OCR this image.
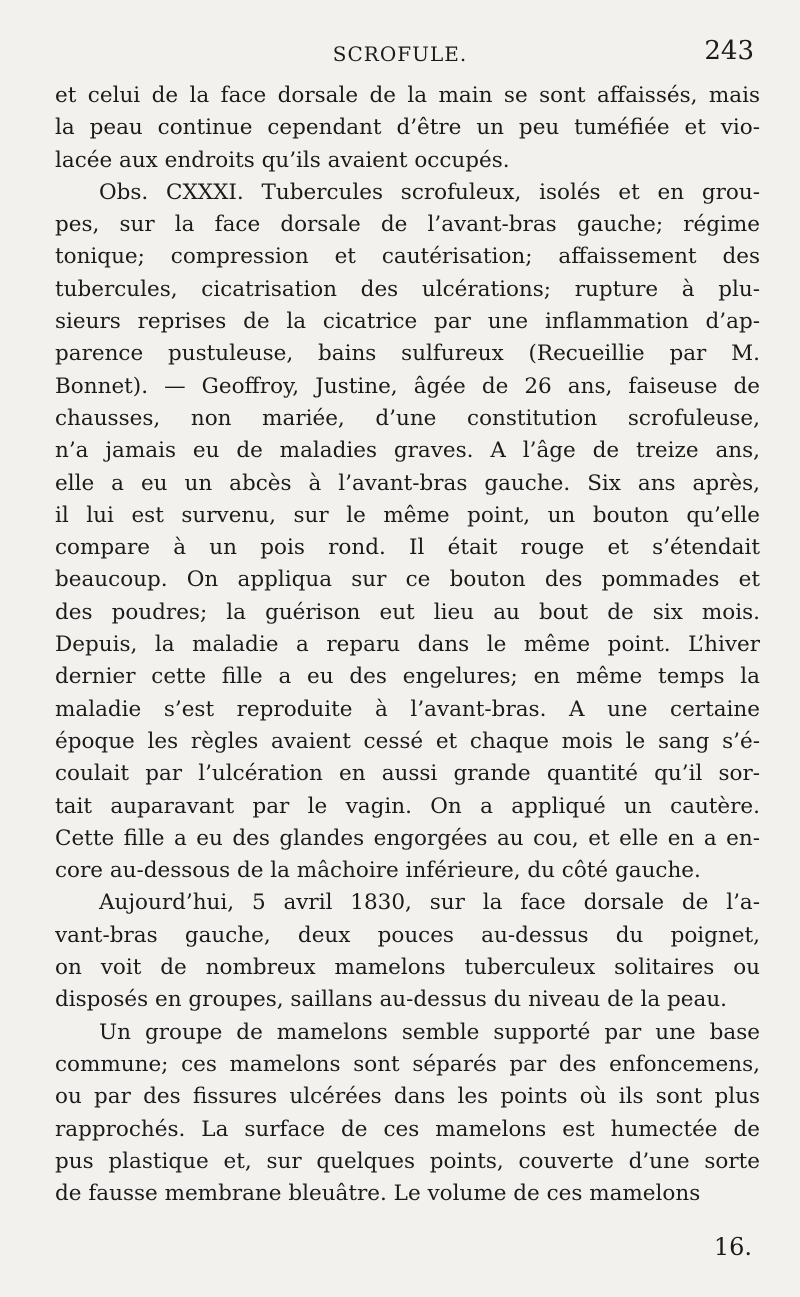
SCROFULE.	243
et celui de la face dorsale de la main se sont affaissés, mais
la peau continue cependant d’être un peu tuméfiée et vio-
lacée aux endroits qu’ils avaient occupés.
Obs. CXXXI. Tubercules scrofuleux, isolés et en grou-
pes, sur la face dorsale de l’avant-bras gauche; régime
tonique; compression et cautérisation; affaissement des
tubercules, cicatrisation des ulcérations; rupture à plu-
sieurs reprises de la cicatrice par une inflammation d’ap-
parence pustuleuse, bains sulfureux (Recueillie par M.
Bonnet). — Geoffroy, Justine, âgée de 26 ans, faiseuse de
chausses, non mariée, d’une constitution scrofuleuse,
n’a jamais eu de maladies graves. A l’âge de treize ans,
elle a eu un abcès à l’avant-bras gauche. Six ans après,
il lui est survenu, sur le même point, un bouton qu’elle
compare à un pois rond. Il était rouge et s’étendait
beaucoup. On appliqua sur ce bouton des pommades et
des poudres; la guérison eut lieu au bout de six mois.
Depuis, la maladie a reparu dans le même point. L’hiver
dernier cette fille a eu des engelures; en même temps la
maladie s’est reproduite à l’avant-bras. A une certaine
époque les règles avaient cessé et chaque mois le sang s’é-
coulait par l’ulcération en aussi grande quantité qu’il sor-
tait auparavant par le vagin. On a appliqué un cautère.
Cette fille a eu des glandes engorgées au cou, et elle en a en-
core au-dessous de la mâchoire inférieure, du côté gauche.
Aujourd’hui, 5 avril 1830, sur la face dorsale de l’a-
vant-bras gauche, deux pouces au-dessus du poignet,
on voit de nombreux mamelons tuberculeux solitaires ou
disposés en groupes, saillans au-dessus du niveau de la peau.
Un groupe de mamelons semble supporté par une base
commune; ces mamelons sont séparés par des enfoncemens,
ou par des fissures ulcérées dans les points où ils sont plus
rapprochés. La surface de ces mamelons est humectée de
pus plastique et, sur quelques points, couverte d’une sorte
de fausse membrane bleuâtre. Le volume de ces mamelons
16.
